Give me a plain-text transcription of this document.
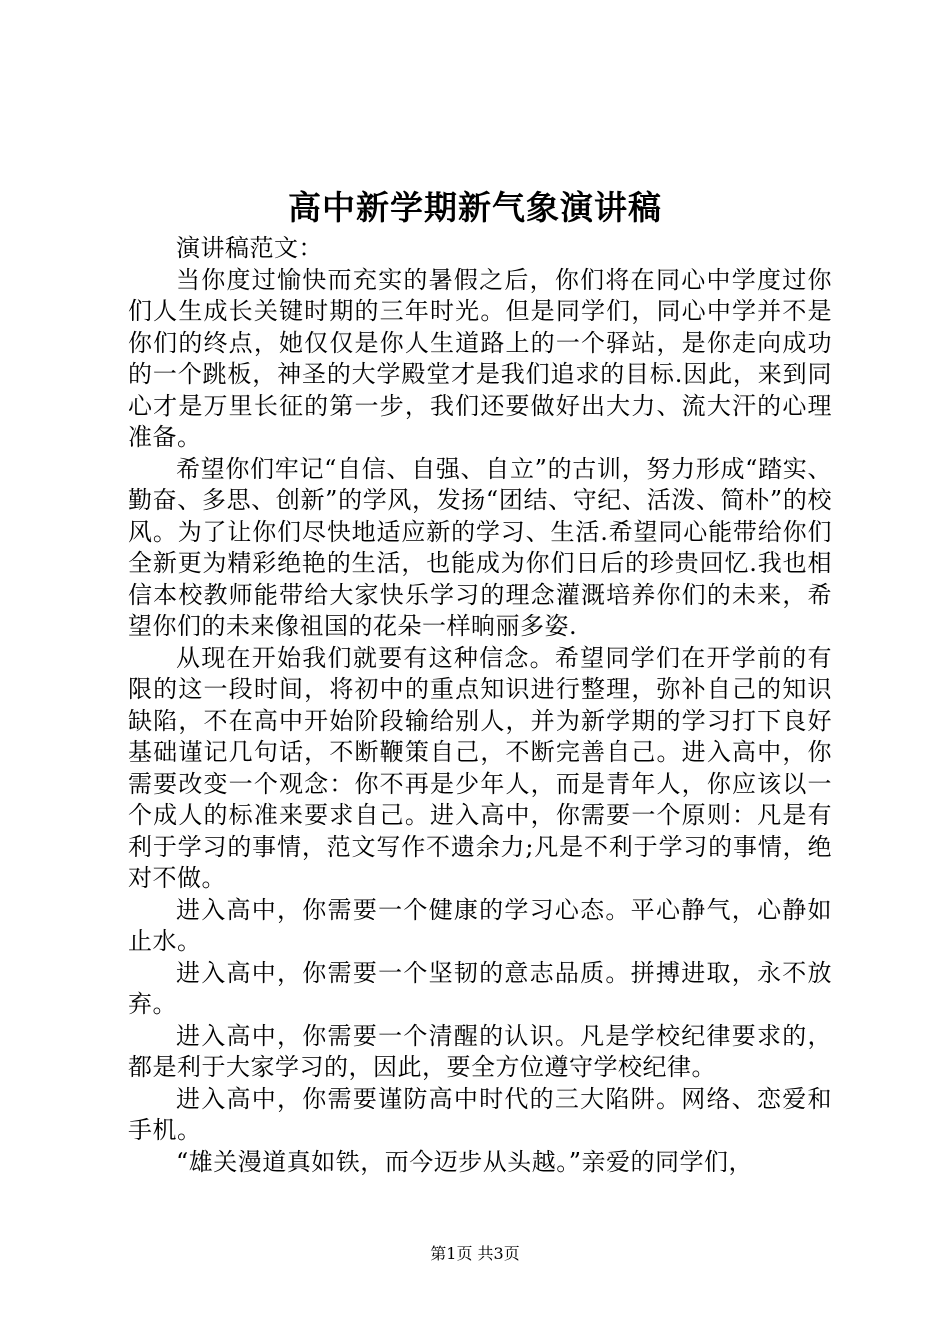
高中新学期新气象演讲稿

演讲稿范文：

当你度过愉快而充实的暑假之后，你们将在同心中学度过你们人生成长关键时期的三年时光。但是同学们，同心中学并不是你们的终点，她仅仅是你人生道路上的一个驿站，是你走向成功的一个跳板，神圣的大学殿堂才是我们追求的目标.因此，来到同心才是万里长征的第一步，我们还要做好出大力、流大汗的心理准备。

希望你们牢记“自信、自强、自立”的古训，努力形成“踏实、勤奋、多思、创新”的学风，发扬“团结、守纪、活泼、简朴”的校风。为了让你们尽快地适应新的学习、生活.希望同心能带给你们全新更为精彩绝艳的生活，也能成为你们日后的珍贵回忆.我也相信本校教师能带给大家快乐学习的理念灌溉培养你们的未来，希望你们的未来像祖国的花朵一样晌丽多姿.

从现在开始我们就要有这种信念。希望同学们在开学前的有限的这一段时间，将初中的重点知识进行整理，弥补自己的知识缺陷，不在高中开始阶段输给别人，并为新学期的学习打下良好基础谨记几句话，不断鞭策自己，不断完善自己。进入高中，你需要改变一个观念：你不再是少年人，而是青年人，你应该以一个成人的标准来要求自己。进入高中，你需要一个原则：凡是有利于学习的事情，范文写作不遗余力;凡是不利于学习的事情，绝对不做。

进入高中，你需要一个健康的学习心态。平心静气，心静如止水。

进入高中，你需要一个坚韧的意志品质。拼搏进取，永不放弃。

进入高中，你需要一个清醒的认识。凡是学校纪律要求的，都是利于大家学习的，因此，要全方位遵守学校纪律。

进入高中，你需要谨防高中时代的三大陷阱。网络、恋爱和手机。

“雄关漫道真如铁，而今迈步从头越。”亲爱的同学们，

第1页 共3页
